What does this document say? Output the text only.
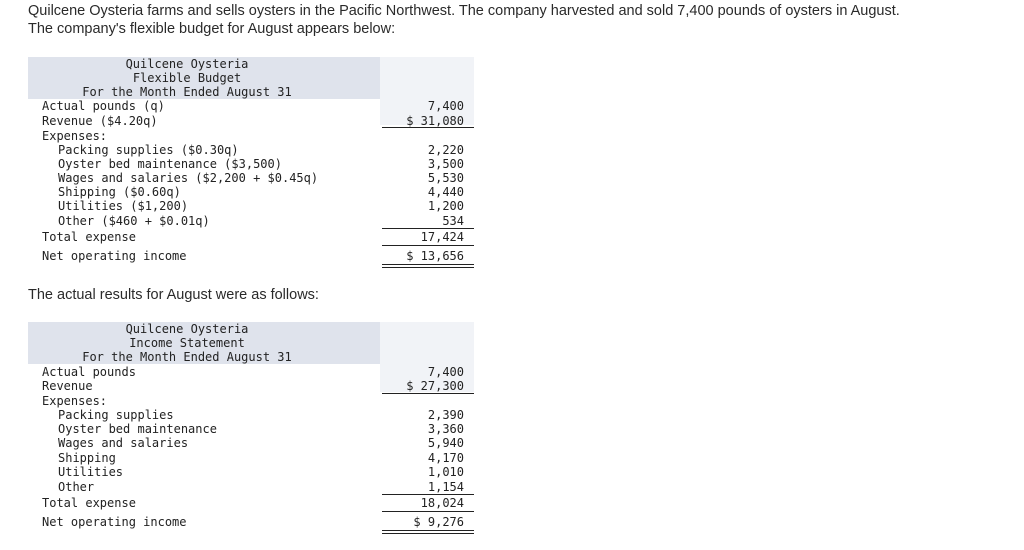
Quilcene Oysteria farms and sells oysters in the Pacific Northwest. The company harvested and sold 7,400 pounds of oysters in August. The company's flexible budget for August appears below:

Quilcene Oysteria
Flexible Budget
For the Month Ended August 31
Actual pounds (q)	7,400
Revenue ($4.20q)	$ 31,080
Expenses:
Packing supplies ($0.30q)	2,220
Oyster bed maintenance ($3,500)	3,500
Wages and salaries ($2,200 + $0.45q)	5,530
Shipping ($0.60q)	4,440
Utilities ($1,200)	1,200
Other ($460 + $0.01q)	534
Total expense	17,424
Net operating income	$ 13,656

The actual results for August were as follows:

Quilcene Oysteria
Income Statement
For the Month Ended August 31
Actual pounds	7,400
Revenue	$ 27,300
Expenses:
Packing supplies	2,390
Oyster bed maintenance	3,360
Wages and salaries	5,940
Shipping	4,170
Utilities	1,010
Other	1,154
Total expense	18,024
Net operating income	$ 9,276
